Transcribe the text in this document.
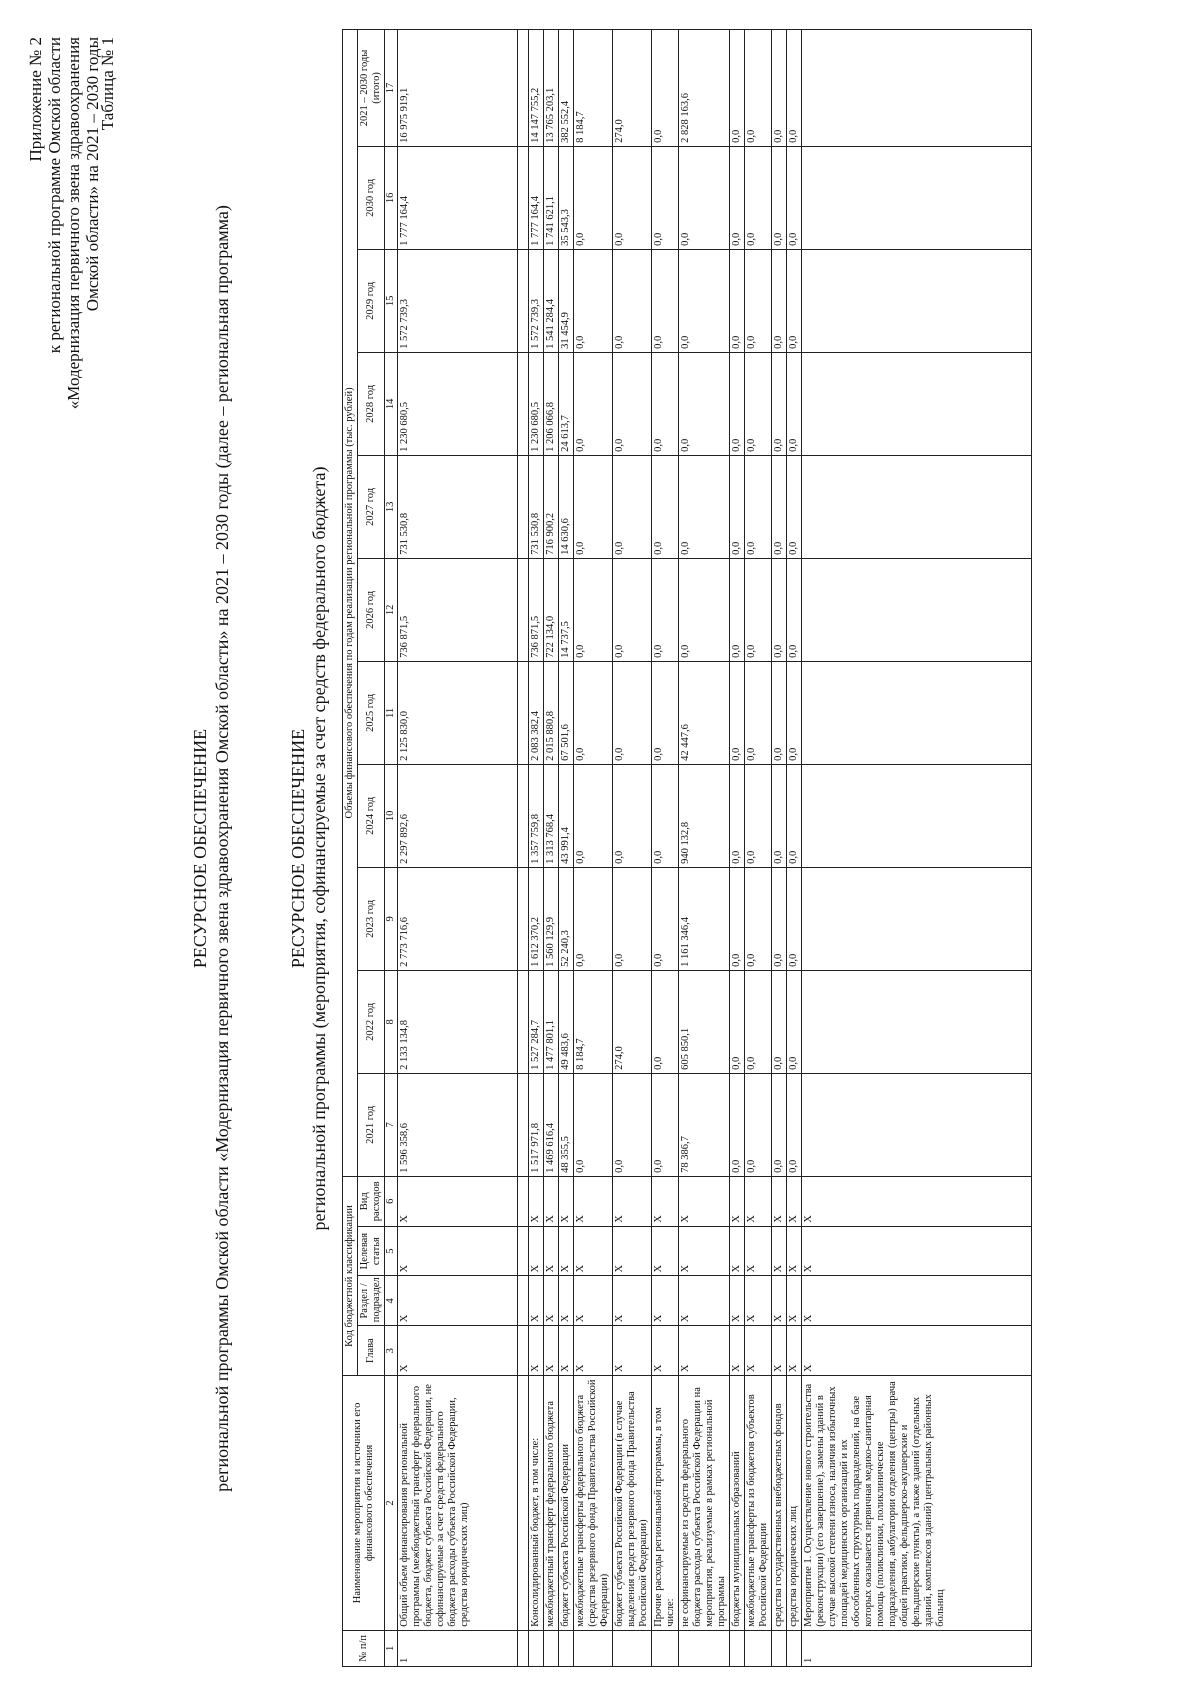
Приложение № 2 к региональной программе Омской области «Модернизация первичного звена здравоохранения Омской области» на 2021 – 2030 годы
Таблица № 1
РЕСУРСНОЕ ОБЕСПЕЧЕНИЕ региональной программы Омской области «Модернизация первичного звена здравоохранения Омской области» на 2021 – 2030 годы (далее – региональная программа)	РЕСУРСНОЕ ОБЕСПЕЧЕНИЕ региональной программы (мероприятия, софинансируемые за счет средств федерального бюджета)
№ п/п	Наименование мероприятия и источники его финансового обеспечения	Код бюджетной классификации				Объемы финансового обеспечения по годам реализации региональной программы (тыс. рублей)										
		Глава	Раздел / подраздел	Целевая статья	Вид расходов	2021 год	2022 год	2023 год	2024 год	2025 год	2026 год	2027 год	2028 год	2029 год	2030 год	2021 – 2030 годы (итого)
1	2	3	4	5	6	7	8	9	10	11	12	13	14	15	16	17
1	Общий объем финансирования региональной программы (межбюджетный трансферт федерального бюджета, бюджет субъекта Российской Федерации, не софинансируемые за счет средств федерального бюджета расходы субъекта Российской Федерации, средства юридических лиц)	Х	Х	Х	Х	1 596 358,6	2 133 134,8	2 773 716,6	2 297 892,6	2 125 830,0	736 871,5	731 530,8	1 230 680,5	1 572 739,3	1 777 164,4	16 975 919,1

	Консолидированный бюджет, в том числе:	Х	Х	Х	Х	1 517 971,8	1 527 284,7	1 612 370,2	1 357 759,8	2 083 382,4	736 871,5	731 530,8	1 230 680,5	1 572 739,3	1 777 164,4	14 147 755,2
	межбюджетный трансферт федерального бюджета	Х	Х	Х	Х	1 469 616,4	1 477 801,1	1 560 129,9	1 313 768,4	2 015 880,8	722 134,0	716 900,2	1 206 066,8	1 541 284,4	1 741 621,1	13 765 203,1
	бюджет субъекта Российской Федерации	Х	Х	Х	Х	48 355,5	49 483,6	52 240,3	43 991,4	67 501,6	14 737,5	14 630,6	24 613,7	31 454,9	35 543,3	382 552,4
	межбюджетные трансферты федерального бюджета (средства резервного фонда Правительства Российской Федерации)	Х	Х	Х	Х	0,0	8 184,7	0,0	0,0	0,0	0,0	0,0	0,0	0,0	0,0	8 184,7
	бюджет субъекта Российской Федерации (в случае выделения средств резервного фонда Правительства Российской Федерации)	Х	Х	Х	Х	0,0	274,0	0,0	0,0	0,0	0,0	0,0	0,0	0,0	0,0	274,0
	Прочие расходы региональной программы, в том числе:	Х	Х	Х	Х	0,0	0,0	0,0	0,0	0,0	0,0	0,0	0,0	0,0	0,0	0,0
	не софинансируемые из средств федерального бюджета расходы субъекта Российской Федерации на мероприятия, реализуемые в рамках региональной программы	Х	Х	Х	Х	78 386,7	605 850,1	1 161 346,4	940 132,8	42 447,6	0,0	0,0	0,0	0,0	0,0	2 828 163,6
	бюджеты муниципальных образований	Х	Х	Х	Х	0,0	0,0	0,0	0,0	0,0	0,0	0,0	0,0	0,0	0,0	0,0
	межбюджетные трансферты из бюджетов субъектов Российской Федерации	Х	Х	Х	Х	0,0	0,0	0,0	0,0	0,0	0,0	0,0	0,0	0,0	0,0	0,0
	средства государственных внебюджетных фондов	Х	Х	Х	Х	0,0	0,0	0,0	0,0	0,0	0,0	0,0	0,0	0,0	0,0	0,0
	средства юридических лиц	Х	Х	Х	Х	0,0	0,0	0,0	0,0	0,0	0,0	0,0	0,0	0,0	0,0	0,0
1	Мероприятие 1. Осуществление нового строительства (реконструкции) (его завершение), замены зданий в случае высокой степени износа, наличия избыточных площадей медицинских организаций и их обособленных структурных подразделений, на базе которых оказывается первичная медико-санитарная помощь (поликлиники, поликлинические подразделения, амбулатории отделения (центры) врача общей практики, фельдшерско-акушерские и фельдшерские пункты), а также зданий (отдельных зданий, комплексов зданий) центральных районных больниц	Х	Х	Х	Х											
